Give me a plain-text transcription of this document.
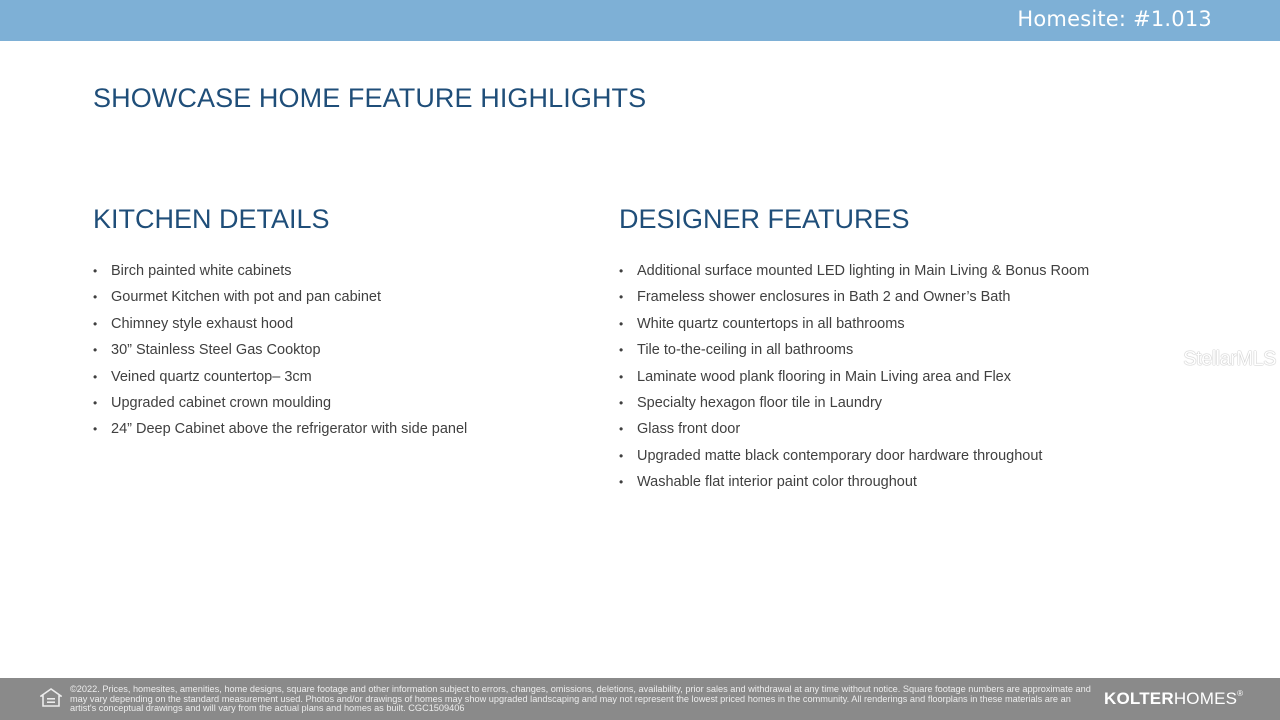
Homesite: #1.013
SHOWCASE HOME FEATURE HIGHLIGHTS
KITCHEN DETAILS
• Birch painted white cabinets
• Gourmet Kitchen with pot and pan cabinet
• Chimney style exhaust hood
• 30” Stainless Steel Gas Cooktop
• Veined quartz countertop– 3cm
• Upgraded cabinet crown moulding
• 24” Deep Cabinet above the refrigerator with side panel
DESIGNER FEATURES
• Additional surface mounted LED lighting in Main Living & Bonus Room
• Frameless shower enclosures in Bath 2 and Owner’s Bath
• White quartz countertops in all bathrooms
• Tile to-the-ceiling in all bathrooms
• Laminate wood plank flooring in Main Living area and Flex
• Specialty hexagon floor tile in Laundry
• Glass front door
• Upgraded matte black contemporary door hardware throughout
• Washable flat interior paint color throughout
StellarMLS
©2022. Prices, homesites, amenities, home designs, square footage and other information subject to errors, changes, omissions, deletions, availability, prior sales and withdrawal at any time without notice. Square footage numbers are approximate and may vary depending on the standard measurement used. Photos and/or drawings of homes may show upgraded landscaping and may not represent the lowest priced homes in the community. All renderings and floorplans in these materials are an artist's conceptual drawings and will vary from the actual plans and homes as built. CGC1509406
KOLTERHOMES®
